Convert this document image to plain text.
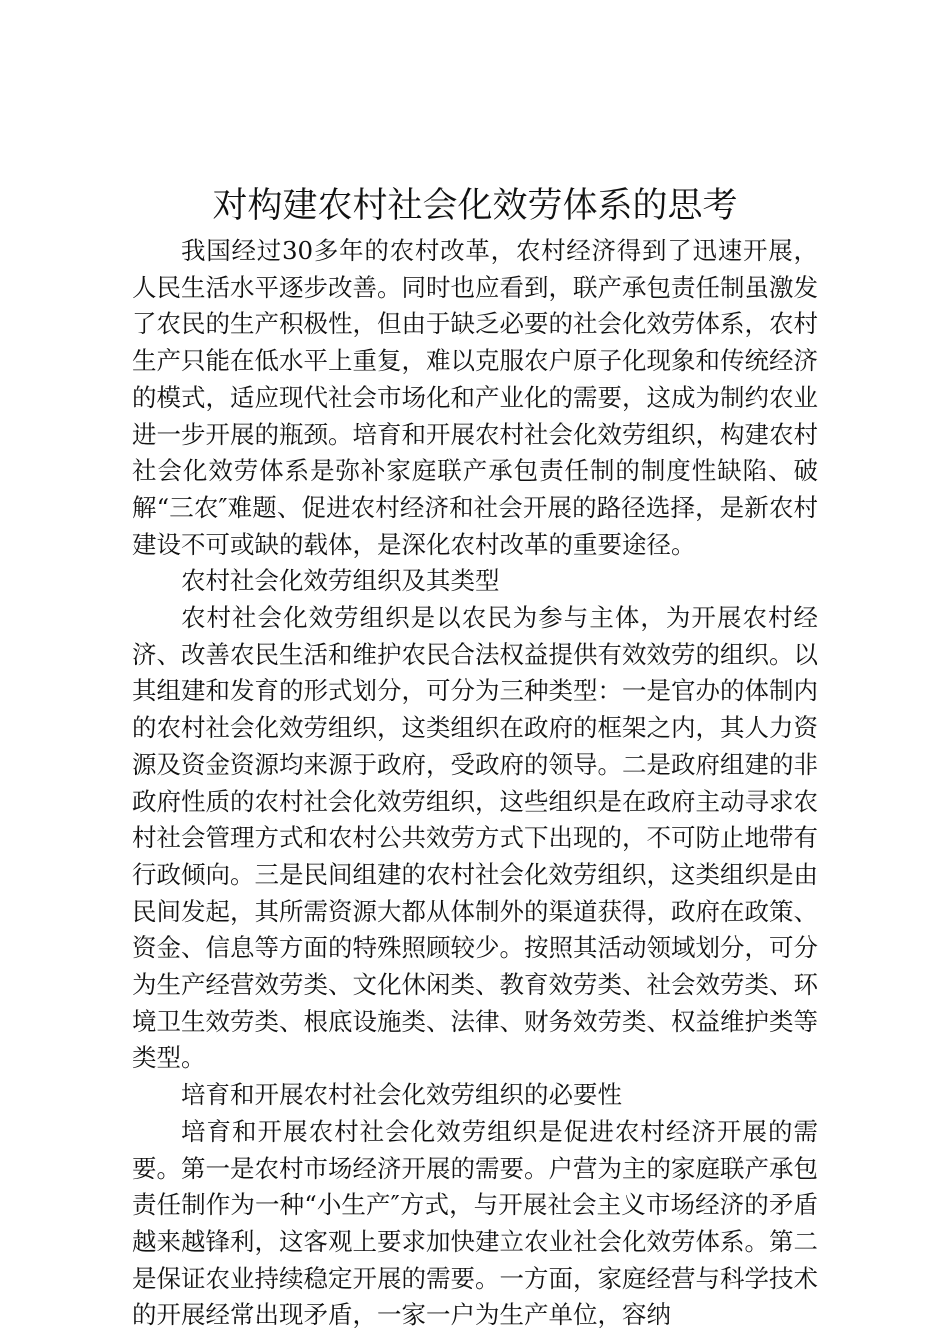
对构建农村社会化效劳体系的思考

我国经过30多年的农村改革，农村经济得到了迅速开展，人民生活水平逐步改善。同时也应看到，联产承包责任制虽激发了农民的生产积极性，但由于缺乏必要的社会化效劳体系，农村生产只能在低水平上重复，难以克服农户原子化现象和传统经济的模式，适应现代社会市场化和产业化的需要，这成为制约农业进一步开展的瓶颈。培育和开展农村社会化效劳组织，构建农村社会化效劳体系是弥补家庭联产承包责任制的制度性缺陷、破解“三农″难题、促进农村经济和社会开展的路径选择，是新农村建设不可或缺的载体，是深化农村改革的重要途径。

农村社会化效劳组织及其类型

农村社会化效劳组织是以农民为参与主体，为开展农村经济、改善农民生活和维护农民合法权益提供有效效劳的组织。以其组建和发育的形式划分，可分为三种类型：一是官办的体制内的农村社会化效劳组织，这类组织在政府的框架之内，其人力资源及资金资源均来源于政府，受政府的领导。二是政府组建的非政府性质的农村社会化效劳组织，这些组织是在政府主动寻求农村社会管理方式和农村公共效劳方式下出现的，不可防止地带有行政倾向。三是民间组建的农村社会化效劳组织，这类组织是由民间发起，其所需资源大都从体制外的渠道获得，政府在政策、资金、信息等方面的特殊照顾较少。按照其活动领域划分，可分为生产经营效劳类、文化休闲类、教育效劳类、社会效劳类、环境卫生效劳类、根底设施类、法律、财务效劳类、权益维护类等类型。

培育和开展农村社会化效劳组织的必要性

培育和开展农村社会化效劳组织是促进农村经济开展的需要。第一是农村市场经济开展的需要。户营为主的家庭联产承包责任制作为一种“小生产″方式，与开展社会主义市场经济的矛盾越来越锋利，这客观上要求加快建立农业社会化效劳体系。第二是保证农业持续稳定开展的需要。一方面，家庭经营与科学技术的开展经常出现矛盾，一家一户为生产单位，容纳
